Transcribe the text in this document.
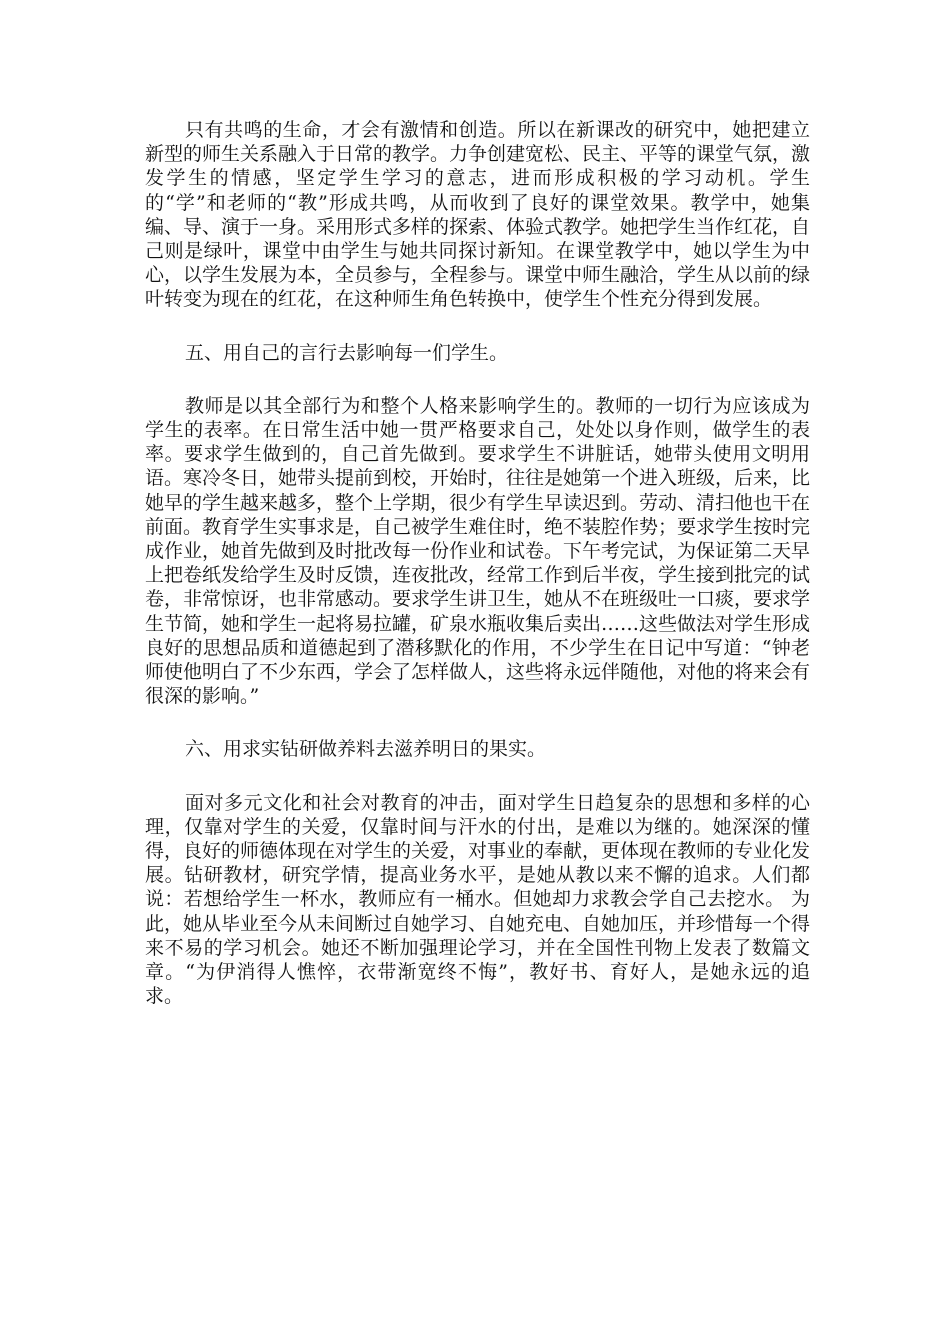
只有共鸣的生命，才会有激情和创造。所以在新课改的研究中，她把建立新型的师生关系融入于日常的教学。力争创建宽松、民主、平等的课堂气氛，激发学生的情感，坚定学生学习的意志，进而形成积极的学习动机。学生的“学”和老师的“教”形成共鸣，从而收到了良好的课堂效果。教学中，她集编、导、演于一身。采用形式多样的探索、体验式教学。她把学生当作红花，自己则是绿叶，课堂中由学生与她共同探讨新知。在课堂教学中，她以学生为中心，以学生发展为本，全员参与，全程参与。课堂中师生融洽，学生从以前的绿叶转变为现在的红花，在这种师生角色转换中，使学生个性充分得到发展。

五、用自己的言行去影响每一们学生。

教师是以其全部行为和整个人格来影响学生的。教师的一切行为应该成为学生的表率。在日常生活中她一贯严格要求自己，处处以身作则，做学生的表率。要求学生做到的，自己首先做到。要求学生不讲脏话，她带头使用文明用语。寒冷冬日，她带头提前到校，开始时，往往是她第一个进入班级，后来，比她早的学生越来越多，整个上学期，很少有学生早读迟到。劳动、清扫他也干在前面。教育学生实事求是，自己被学生难住时，绝不装腔作势；要求学生按时完成作业，她首先做到及时批改每一份作业和试卷。下午考完试，为保证第二天早上把卷纸发给学生及时反馈，连夜批改，经常工作到后半夜，学生接到批完的试卷，非常惊讶，也非常感动。要求学生讲卫生，她从不在班级吐一口痰，要求学生节简，她和学生一起将易拉罐，矿泉水瓶收集后卖出……这些做法对学生形成良好的思想品质和道德起到了潜移默化的作用，不少学生在日记中写道：“钟老师使他明白了不少东西，学会了怎样做人，这些将永远伴随他，对他的将来会有很深的影响。”

六、用求实钻研做养料去滋养明日的果实。

面对多元文化和社会对教育的冲击，面对学生日趋复杂的思想和多样的心理，仅靠对学生的关爱，仅靠时间与汗水的付出，是难以为继的。她深深的懂得，良好的师德体现在对学生的关爱，对事业的奉献，更体现在教师的专业化发展。钻研教材，研究学情，提高业务水平，是她从教以来不懈的追求。人们都说：若想给学生一杯水，教师应有一桶水。但她却力求教会学自己去挖水。 为此，她从毕业至今从未间断过自她学习、自她充电、自她加压，并珍惜每一个得来不易的学习机会。她还不断加强理论学习，并在全国性刊物上发表了数篇文章。“为伊消得人憔悴，衣带渐宽终不悔”，教好书、育好人，是她永远的追求。
